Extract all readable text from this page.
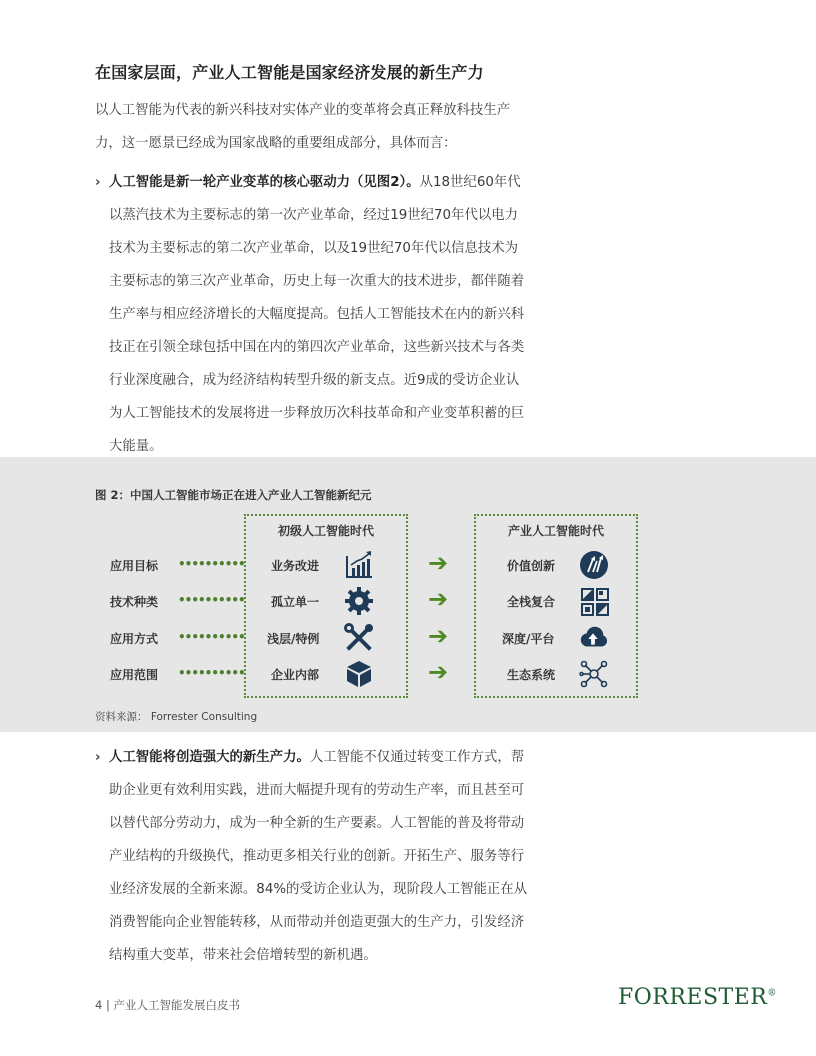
在国家层面，产业人工智能是国家经济发展的新生产力
以人工智能为代表的新兴科技对实体产业的变革将会真正释放科技生产
力，这一愿景已经成为国家战略的重要组成部分，具体而言：
› 人工智能是新一轮产业变革的核心驱动力（见图2）。从18世纪60年代
以蒸汽技术为主要标志的第一次产业革命，经过19世纪70年代以电力
技术为主要标志的第二次产业革命，以及19世纪70年代以信息技术为
主要标志的第三次产业革命，历史上每一次重大的技术进步，都伴随着
生产率与相应经济增长的大幅度提高。包括人工智能技术在内的新兴科
技正在引领全球包括中国在内的第四次产业革命，这些新兴技术与各类
行业深度融合，成为经济结构转型升级的新支点。近9成的受访企业认
为人工智能技术的发展将进一步释放历次科技革命和产业变革积蓄的巨
大能量。
图 2：中国人工智能市场正在进入产业人工智能新纪元
初级人工智能时代	产业人工智能时代
应用目标 •••••••••• 业务改进	➔	价值创新
技术种类 •••••••••• 孤立单一	➔	全栈复合
应用方式 •••••••••• 浅层/特例	➔	深度/平台
应用范围 •••••••••• 企业内部	➔	生态系统
资料来源： Forrester Consulting
› 人工智能将创造强大的新生产力。人工智能不仅通过转变工作方式，帮
助企业更有效利用实践，进而大幅提升现有的劳动生产率，而且甚至可
以替代部分劳动力，成为一种全新的生产要素。人工智能的普及将带动
产业结构的升级换代，推动更多相关行业的创新。开拓生产、服务等行
业经济发展的全新来源。84%的受访企业认为，现阶段人工智能正在从
消费智能向企业智能转移，从而带动并创造更强大的生产力，引发经济
结构重大变革，带来社会倍增转型的新机遇。
4 | 产业人工智能发展白皮书	FORRESTER®
